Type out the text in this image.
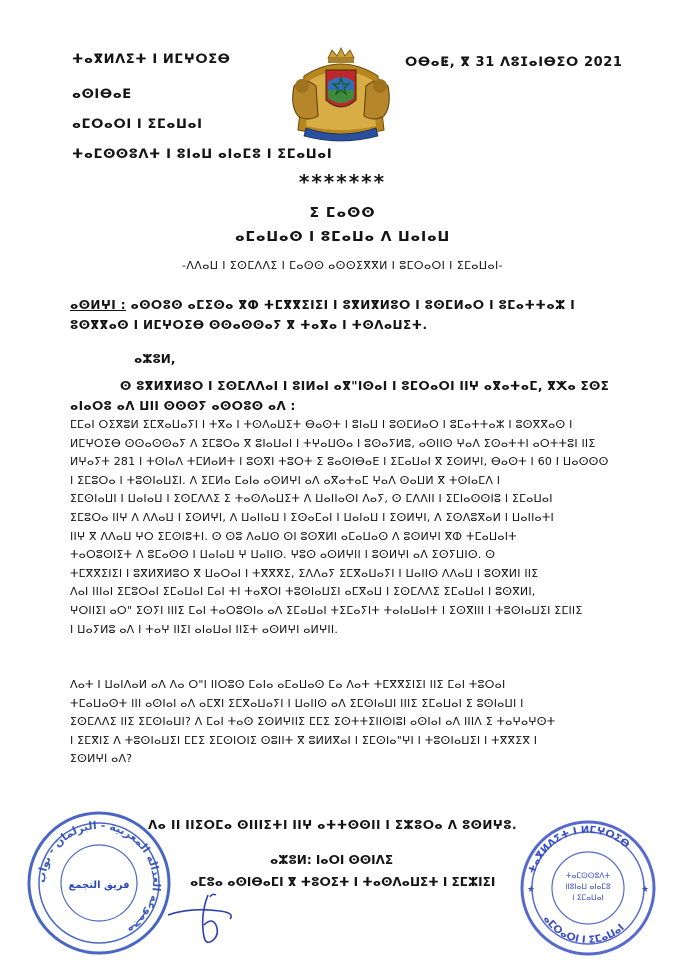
ⵜⴰⴳⵍⴷⵉⵜ ⵏ ⵍⵎⵖⵔⵉⴱ
ⴰⵙⵏⴱⴰⴹ
ⴰⵎⵔⴰⵔⵏ ⵏ ⵉⵎⴰⵡⴰⵏ
ⵜⴰⵎⵙⵙⵓⴷⵜ ⵏ ⵓⵏⴰⵡ ⴰⵏⴰⵎⵓ ⵏ ⵉⵎⴰⵡⴰⵏ
ⵔⴱⴰⵟ, ⴳ 31 ⴷⵓⵊⴰⵏⴱⵉⵔ 2021
*******
ⵉ ⵎⴰⵙⵙ
ⴰⵎⴰⵡⴰⵙ ⵏ ⵓⵎⴰⵡⴰ ⴷ ⵡⴰⵏⴰⵡ
-ⴷⴷⴰⵡ ⵏ ⵉⵙⵎⴷⴷⵉ ⵏ ⵎⴰⵙⵙ ⴰⵙⵙⵉⴳⴳⵍ ⵏ ⵓⵎⵔⴰⵔⵏ ⵏ ⵉⵎⴰⵡⴰⵏ-
ⴰⵙⵍⵖⵏ : ⴰⵙⵔⵓⵙ ⴰⵎⵉⵙⴰ ⴳⵀ ⵜⵎⴳⴳⵉⵏⵉⵏ ⵏ ⵓⴳⵍⴳⵍⵓⵔ ⵏ ⵓⵙⵎⵍⴰⵔ ⵏ ⵓⵎⴰⵜⵜⴰⵣ ⵏ ⵓⵙⴳⴳⴰⵙ ⵏ ⵍⵎⵖⵔⵉⴱ ⵙⵙⴰⵙⵙⴰⵢ ⴳ ⵜⴰⴳⴰ ⵏ ⵜⵙⴷⴰⵡⵉⵜ.
ⴰⵣⵓⵍ,
ⵙ ⵓⴳⵍⴳⵍⵓⵔ ⵏ ⵉⵙⵎⴷⴷⴰⵏ ⵏ ⵓⵏⵍⴰⵏ ⴰⴳ"ⵏⵙⴰⵏ ⵏ ⵓⵎⵔⴰⵔⵏ ⵏⵏⵖ ⴰⴳⴰⵜⴰⵎ, ⴳⵅⴰ ⵉⵙⵉ ⴰⵏⴰⵔⵓ ⴰⴷ ⵡⵏⵏ ⵙⵙⵙⵢ ⴰⵙⵔⵓⵙ ⴰⴷ :
ⵎⵎⴰⵏ ⵔⵉⴳⵓⵍ ⵉⵎⴳⴰⵡⴰⵢⵏ ⵏ ⵜⴳⴰ ⵏ ⵜⵙⴷⴰⵡⵉⵜ ⴱⴰⵙⵜ ⵏ ⵓⵏⴰⵡ ⵏ ⵓⵙⵎⵍⴰⵔ ⵏ ⵓⵎⴰⵜⵜⴰⵣ ⵏ ⵓⵙⴳⴳⴰⵙ ⵏ
ⵍⵎⵖⵔⵉⴱ ⵙⵙⴰⵙⵙⴰⵢ ⴷ ⵉⵎⵓⵔⴰ ⴳ ⵓⵏⴰⵡⴰⵏ ⵏ ⵜⵖⴰⵡⵙⴰ ⵏ ⵓⵙⴰⵢⵍⵓ, ⴰⵙⵏⵏⵙ ⵖⴰⴷ ⵉⵙⴰⵜⵜⵏ ⴰⵔⵜⵜⵓⵏ ⵏⵏⵉ
ⵍⵖⴰⵢⵜ 281 ⵏ ⵜⵙⵏⴰⴷ ⵜⵎⵍⴰⵍⵜ ⵏ ⵓⵙⴳⵏ ⵜⵓⵔⵜ ⵉ ⵓⴰⵙⵏⴱⴰⴹ ⵏ ⵉⵎⴰⵡⴰⵏ ⴳ ⵉⵙⵍⵖⵏ, ⴱⴰⵙⵜ ⵏ 60 ⵏ ⵡⴰⵙⵙⵙ
ⵏ ⵉⵎⵓⵔⴰ ⵏ ⵜⵓⵙⵏⴰⵡⵉⵏ. ⴷ ⵉⵎⵍⴰ ⵎⴰⵏⴰ ⴰⵙⵍⵖⵏ ⴰⴷ ⴰⴳⴰⵜⴰⵎ ⵖⴰⴷ ⵙⴰⵡⵍ ⴳ ⵜⵙⵏⴰⵎⴷ ⵏ
ⵉⵎⵙⵏⴰⵡⵏ ⵏ ⵡⴰⵏⴰⵡ ⵏ ⵉⵙⵎⴷⴷⵉ ⵉ ⵜⴰⵙⴷⴰⵡⵉⵜ ⴷ ⵡⴰⵏⵏⴰⵙⵏ ⴷⴰⵢ, ⵙ ⵎⴷⴷⵏⵏ ⵏ ⵉⵎⵏⴰⵙⵙⵏⵓ ⵏ ⵉⵎⴰⵡⴰⵏ
ⵉⵎⵓⵔⴰ ⵏⵏⵖ ⴷ ⴷⴷⴰⵡ ⵏ ⵉⵙⵍⵖⵏ, ⴷ ⵡⴰⵏⵏⴰⵡ ⵏ ⵉⵙⴰⵎⴰⵏ ⵏ ⵡⴰⵏⴰⵡ ⵏ ⵉⵙⵍⵖⵏ, ⴷ ⵉⵙⴷⵓⴳⴰⵍ ⵏ ⵡⴰⵏⵏⴰⵜⵏ
ⵏⵏⵖ ⴳ ⴷⴷⴰⵡ ⵖⵔ ⵉⵎⵙⵏⵓⵜⵏ. ⵙ ⵙⵓ ⴷⴰⵡⵙ ⵙⵏ ⵓⵙⴳⵍⵏ ⴰⵎⴰⵡⴰⵙ ⴷ ⵓⵙⵍⵖⵏ ⴳⵀ ⵜⵎⴰⵡⴰⵏⵜ
ⵜⴰⵔⵓⵙⵏⵉⵜ ⴷ ⵓⵎⴰⵙⵙ ⵏ ⵡⴰⵏⴰⵡ ⵖ ⵡⴰⵏⵏⵙ. ⵖⵓⵙ ⴰⵙⵍⵖⵏⵏ ⵏ ⵓⵙⵍⵖⵏ ⴰⴷ ⵉⵙⵢⵡⵏⵙ. ⵙ
ⵜⵎⴳⴳⵉⵏⵉⵏ ⵏ ⵓⴳⵍⴳⵍⵓⵔ ⴳ ⵡⴰⵔⴰⵏ ⵏ ⵜⴳⴳⴳⵉ, ⵉⴷⴷⴰⵢ ⵉⵎⴳⴰⵡⴰⵢⵏ ⵏ ⵡⴰⵏⵏⵙ ⴷⴷⴰⵡ ⵏ ⵓⵙⴳⵍⵏ ⵏⵏⵉ
ⴷⴰⵏ ⵏⵏⵏⴰⵏ ⵉⵎⵓⵔⴰⵏ ⵉⵎⴰⵡⴰⵏ ⵎⴰⵏ ⵜⵏ ⵜⴰⴳⵔⵏ ⵜⵓⵙⵏⴰⵡⵉⵏ ⴰⵎⴳⴰⵡ ⵏ ⵉⵙⵎⴷⴷⵉ ⵉⵎⴰⵡⴰⵏ ⵏ ⵓⵙⴳⵍⵏ,
ⵖⵔⵏⵏⵉⵏ ⴰⵔ" ⵉⵙⵢⵏ ⵏⵏⵏⵉ ⵎⴰⵏ ⵜⴰⵔⵓⵙⵏⴰ ⴰⴷ ⵉⵎⴰⵡⴰⵏ ⵜⵉⵎⴰⵢⵏⵜ ⵜⴰⵏⴰⵡⴰⵏⵜ ⵏ ⵉⵙⴳⵏⵏⵏ ⵏ ⵜⵓⵙⵏⴰⵡⵉⵏ ⵉⵎⵏⵏⵉ
ⵏ ⵡⴰⵢⵍⵓ ⴰⴷ ⵏ ⵜⴰⵖ ⵏⵏⵉⵏ ⴰⵏⴰⵡⴰⵏ ⵏⵏⵉⵜ ⴰⵙⵍⵖⵏ ⴰⵍⵖⵏⵏ.
ⴷⴰⵜ ⵏ ⵡⴰⵏⴷⴰⵍ ⴰⴷ ⴷⴰ ⵔ"ⵏ ⵏⵏⵔⵓⵙ ⵎⴰⵏⴰ ⴰⵎⴰⵡⴰⵙ ⵎⴰ ⴷⴰⵜ ⵜⵎⴳⴳⵉⵏⵉⵏ ⵏⵏⵉ ⵎⴰⵏ ⵜⵓⵔⴰⵏ
ⵜⵎⴰⵡⴰⵙⵜ ⵏⵏⵏ ⴰⵙⵏⴰⵏ ⴰⴷ ⴰⵎⴳⵏ ⵉⵎⴳⴰⵡⴰⵢⵏ ⵏ ⵡⴰⵏⵏⵙ ⴰⴷ ⵉⵎⵙⵏⴰⵡⵏ ⵏⵏⵏⵉ ⵉⵎⴰⵡⴰⵏ ⵉ ⵓⵙⵏⴰⵡⵏ ⵏ
ⵉⵙⵎⴷⴷⵉ ⵏⵏⵉ ⵉⵎⵙⵏⴰⵡⵏ? ⴷ ⵎⴰⵏ ⵜⴰⵙ ⵉⵙⵍⵖⵏⵏⵉ ⵎⵎⵉ ⵉⵙⵜⵜⵉⵏⵏⵙⵏⵓⵏ ⴰⵙⵏⴰⵏ ⴰⴷ ⵏⵏⵏⴷ ⵉ ⵜⴰⵖⴰⵖⵙⵜ
ⵏ ⵉⵎⴳⵏⵉ ⴷ ⵜⵓⵙⵏⴰⵡⵉⵏ ⵎⵎⵉ ⵉⵎⵙⵏⵔⵏⵉ ⵙⵓⵏⵏⵜ ⴳ ⵓⵍⵍⴳⴰⵏ ⵏ ⵉⵎⵙⵏⴰ"ⵖⵏ ⵏ ⵜⵓⵙⵏⴰⵡⵉⵏ ⵏ ⵜⴳⴳⵉⴳ ⵏ
ⵉⵙⵍⵖⵏ ⴰⴷ?
ⴷⴰ ⵏⵏ ⵏⵏⵉⵔⵎⴰ ⵙⵏⵏⵏⵉⵜⵏ ⵏⵏⵖ ⴰⵜⵜⵙⵙⵏⵏ ⵏ ⵉⵣⵓⵔⴰ ⴷ ⵓⵙⵍⵖⵓ.
ⴰⵣⵓⵍ: ⵏⴰⵔⵏ ⵙⵙⵏⴷⵉ
ⴰⵎⵓⴰ ⴰⵙⵏⴱⴰⵎⵏ ⴳ ⵜⵓⵔⵉⵜ ⵏ ⵜⴰⵙⴷⴰⵡⵉⵜ ⵏ ⵉⵎⵣⵏⵉⵏ
مجموعة العدالة المغربية - البرلمان - نواب
فريق التجمع
ⵜⴰⴳⵍⴷⵉⵜ ⵏ ⵍⵎⵖⵔⵉⴱ
ⴰⵎⵔⴰⵔⵏ ⵏ ⵉⵎⴰⵡⴰⵏ
ⵜⴰⵎⵙⵙⵓⴷⵜ
ⵏⵏⵓⵏⴰⵡ ⴰⵏⴰⵎⵓ
ⵏ ⵉⵎⴰⵡⴰⵏ
★	★
